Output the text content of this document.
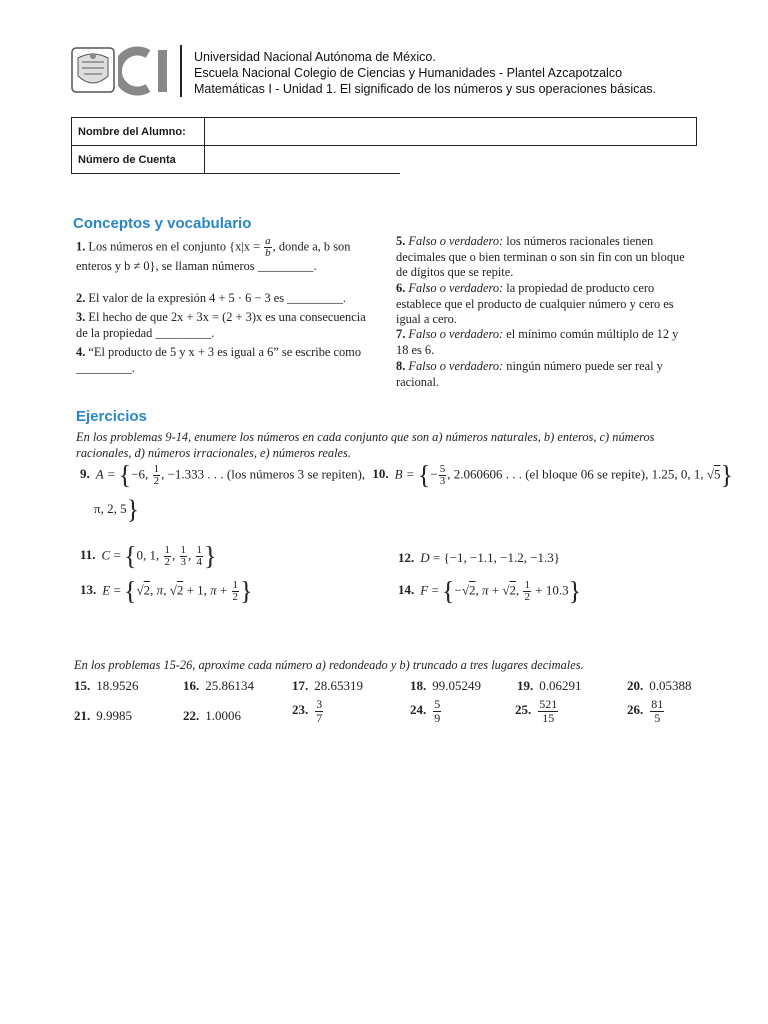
Universidad Nacional Autónoma de México.
Escuela Nacional Colegio de Ciencias y Humanidades - Plantel Azcapotzalco
Matemáticas I - Unidad 1. El significado de los números y sus operaciones básicas.
Nombre del Alumno:	
Número de Cuenta	
Conceptos y vocabulario
1. Los números en el conjunto {$x|x = \frac{a}{b}$ , donde a, b son enteros y b ≠ 0}, se llaman números _________.
2. El valor de la expresión 4 + 5 · 6 − 3 es _________.
3. El hecho de que 2x + 3x = (2 + 3)x es una consecuencia de la propiedad _________.
4. “El producto de 5 y x + 3 es igual a 6” se escribe como _________.
5. Falso o verdadero: los números racionales tienen decimales que o bien terminan o son sin fin con un bloque de dígitos que se repite.
6. Falso o verdadero: la propiedad de producto cero establece que el producto de cualquier número y cero es igual a cero.
7. Falso o verdadero: el mínimo común múltiplo de 12 y 18 es 6.
8. Falso o verdadero: ningún número puede ser real y racional.
Ejercicios
En los problemas 9-14, enumere los números en cada conjunto que son a) números naturales, b) enteros, c) números racionales, d) números irracionales, e) números reales.
9. A = {−6, $\frac{1}{2}$ , −1.333 . . . (los números 3 se repiten), 10. B = {− $\frac{5}{3}$ , 2.060606 . . . (el bloque 06 se repite), 1.25, 0, 1, √5}
π, 2, 5}
11. C = {0, 1, $\frac{1}{2}$ , $\frac{1}{3}$ , $\frac{1}{4}$ }	12. D = {−1, −1.1, −1.2, −1.3}
13. E = {√2, π, √2 + 1, $\pi + \frac{1}{2}$ }	14. F = {−√2, π + √2, $\frac{1}{2} + 10.3$}
En los problemas 15-26, aproxime cada número a) redondeado y b) truncado a tres lugares decimales.
15. 18.9526	16. 25.86134	17. 28.65319	18. 99.05249	19. 0.06291	20. 0.05388
21. 9.9985	22. 1.0006	23. $\frac{3}{7}$	24. $\frac{5}{9}$	25. $\frac{521}{15}$	26. $\frac{81}{5}$
